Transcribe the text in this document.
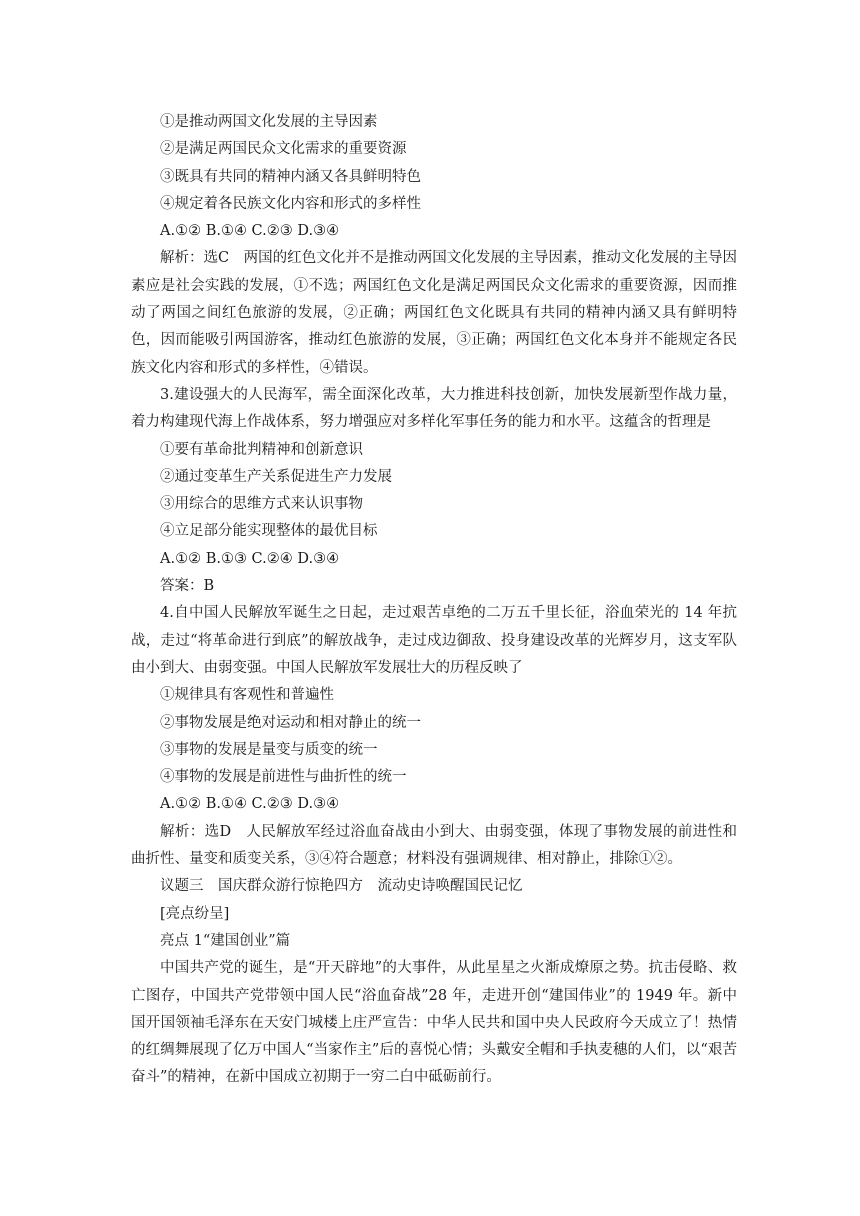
①是推动两国文化发展的主导因素

②是满足两国民众文化需求的重要资源

③既具有共同的精神内涵又各具鲜明特色

④规定着各民族文化内容和形式的多样性

A.①② B.①④ C.②③ D.③④

解析：选C　两国的红色文化并不是推动两国文化发展的主导因素，推动文化发展的主导因素应是社会实践的发展，①不选；两国红色文化是满足两国民众文化需求的重要资源，因而推动了两国之间红色旅游的发展，②正确；两国红色文化既具有共同的精神内涵又具有鲜明特色，因而能吸引两国游客，推动红色旅游的发展，③正确；两国红色文化本身并不能规定各民族文化内容和形式的多样性，④错误。

3.建设强大的人民海军，需全面深化改革，大力推进科技创新，加快发展新型作战力量，着力构建现代海上作战体系，努力增强应对多样化军事任务的能力和水平。这蕴含的哲理是

①要有革命批判精神和创新意识

②通过变革生产关系促进生产力发展

③用综合的思维方式来认识事物

④立足部分能实现整体的最优目标

A.①② B.①③ C.②④ D.③④

答案：B

4.自中国人民解放军诞生之日起，走过艰苦卓绝的二万五千里长征，浴血荣光的 14 年抗战，走过“将革命进行到底”的解放战争，走过戍边御敌、投身建设改革的光辉岁月，这支军队由小到大、由弱变强。中国人民解放军发展壮大的历程反映了

①规律具有客观性和普遍性

②事物发展是绝对运动和相对静止的统一

③事物的发展是量变与质变的统一

④事物的发展是前进性与曲折性的统一

A.①② B.①④ C.②③ D.③④

解析：选D　人民解放军经过浴血奋战由小到大、由弱变强，体现了事物发展的前进性和曲折性、量变和质变关系，③④符合题意；材料没有强调规律、相对静止，排除①②。

议题三　国庆群众游行惊艳四方　流动史诗唤醒国民记忆

[亮点纷呈]

亮点 1“建国创业”篇

中国共产党的诞生，是“开天辟地”的大事件，从此星星之火渐成燎原之势。抗击侵略、救亡图存，中国共产党带领中国人民“浴血奋战”28 年，走进开创“建国伟业”的 1949 年。新中国开国领袖毛泽东在天安门城楼上庄严宣告：中华人民共和国中央人民政府今天成立了！热情的红绸舞展现了亿万中国人“当家作主”后的喜悦心情；头戴安全帽和手执麦穗的人们，以“艰苦奋斗”的精神，在新中国成立初期于一穷二白中砥砺前行。
